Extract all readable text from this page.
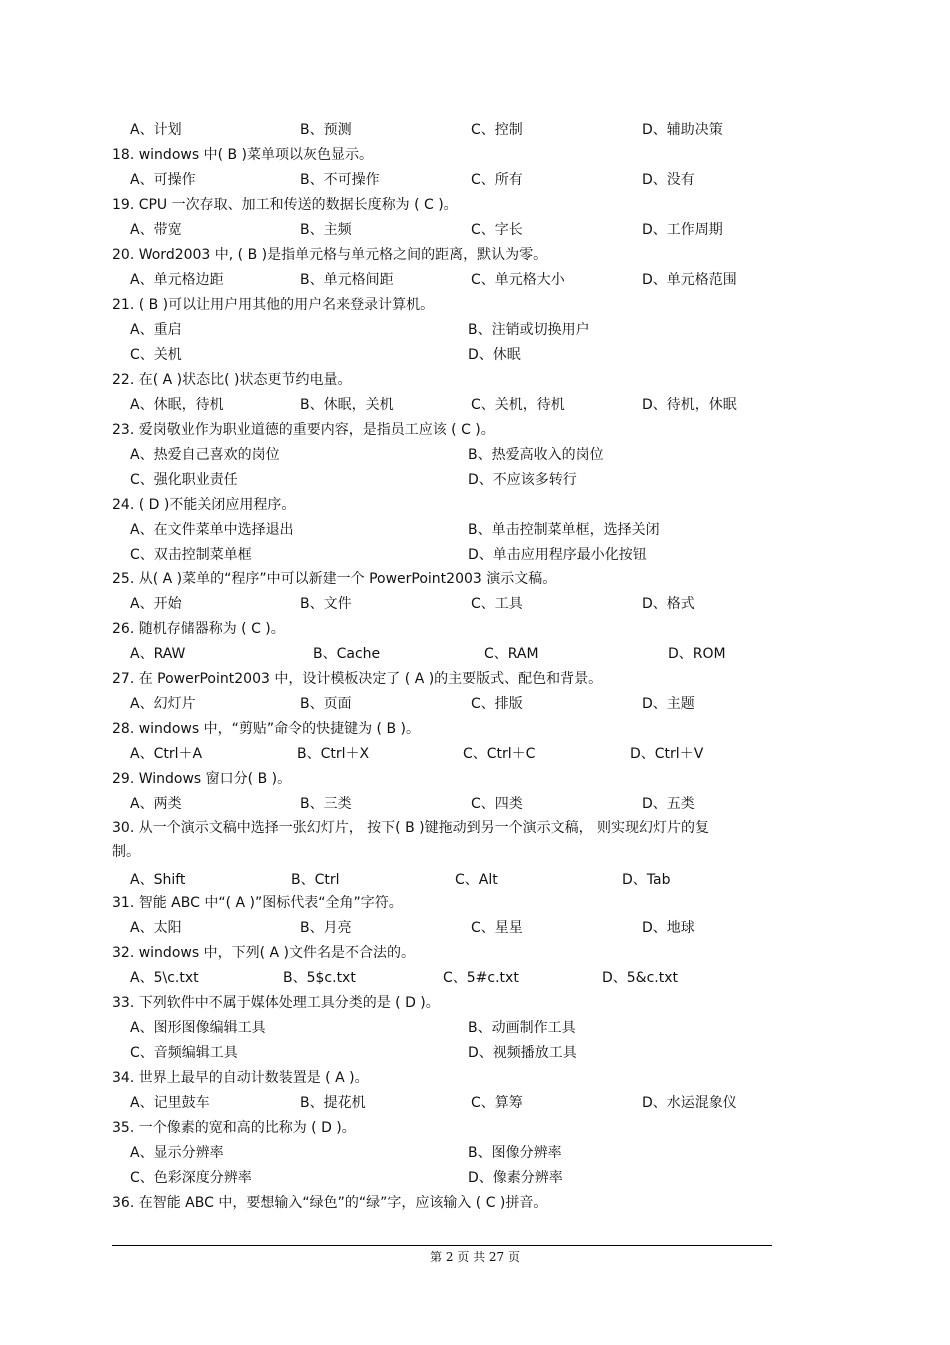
A、计划	B、预测	C、控制	D、辅助决策
18. windows 中( B )菜单项以灰色显示。
A、可操作	B、不可操作	C、所有	D、没有
19. CPU 一次存取、加工和传送的数据长度称为 ( C )。
A、带宽	B、主频	C、字长	D、工作周期
20. Word2003 中, ( B )是指单元格与单元格之间的距离，默认为零。
A、单元格边距	B、单元格间距	C、单元格大小	D、单元格范围
21. ( B )可以让用户用其他的用户名来登录计算机。
A、重启	B、注销或切换用户
C、关机	D、休眠
22. 在( A )状态比( )状态更节约电量。
A、休眠，待机	B、休眠，关机	C、关机，待机	D、待机，休眠
23. 爱岗敬业作为职业道德的重要内容，是指员工应该 ( C )。
A、热爱自己喜欢的岗位	B、热爱高收入的岗位
C、强化职业责任	D、不应该多转行
24. ( D )不能关闭应用程序。
A、在文件菜单中选择退出	B、单击控制菜单框，选择关闭
C、双击控制菜单框	D、单击应用程序最小化按钮
25. 从( A )菜单的“程序”中可以新建一个 PowerPoint2003 演示文稿。
A、开始	B、文件	C、工具	D、格式
26. 随机存储器称为 ( C )。
A、RAW	B、Cache	C、RAM	D、ROM
27. 在 PowerPoint2003 中，设计模板决定了 ( A )的主要版式、配色和背景。
A、幻灯片	B、页面	C、排版	D、主题
28. windows 中，“剪贴”命令的快捷键为 ( B )。
A、Ctrl＋A	B、Ctrl＋X	C、Ctrl＋C	D、Ctrl＋V
29. Windows 窗口分( B )。
A、两类	B、三类	C、四类	D、五类
30. 从一个演示文稿中选择一张幻灯片， 按下( B )键拖动到另一个演示文稿， 则实现幻灯片的复
制。
A、Shift	B、Ctrl	C、Alt	D、Tab
31. 智能 ABC 中“( A )”图标代表“全角”字符。
A、太阳	B、月亮	C、星星	D、地球
32. windows 中，下列( A )文件名是不合法的。
A、5\c.txt	B、5$c.txt	C、5#c.txt	D、5&c.txt
33. 下列软件中不属于媒体处理工具分类的是 ( D )。
A、图形图像编辑工具	B、动画制作工具
C、音频编辑工具	D、视频播放工具
34. 世界上最早的自动计数装置是 ( A )。
A、记里鼓车	B、提花机	C、算筹	D、水运混象仪
35. 一个像素的宽和高的比称为 ( D )。
A、显示分辨率	B、图像分辨率
C、色彩深度分辨率	D、像素分辨率
36. 在智能 ABC 中，要想输入“绿色”的“绿”字，应该输入 ( C )拼音。
第 2 页 共 27 页
